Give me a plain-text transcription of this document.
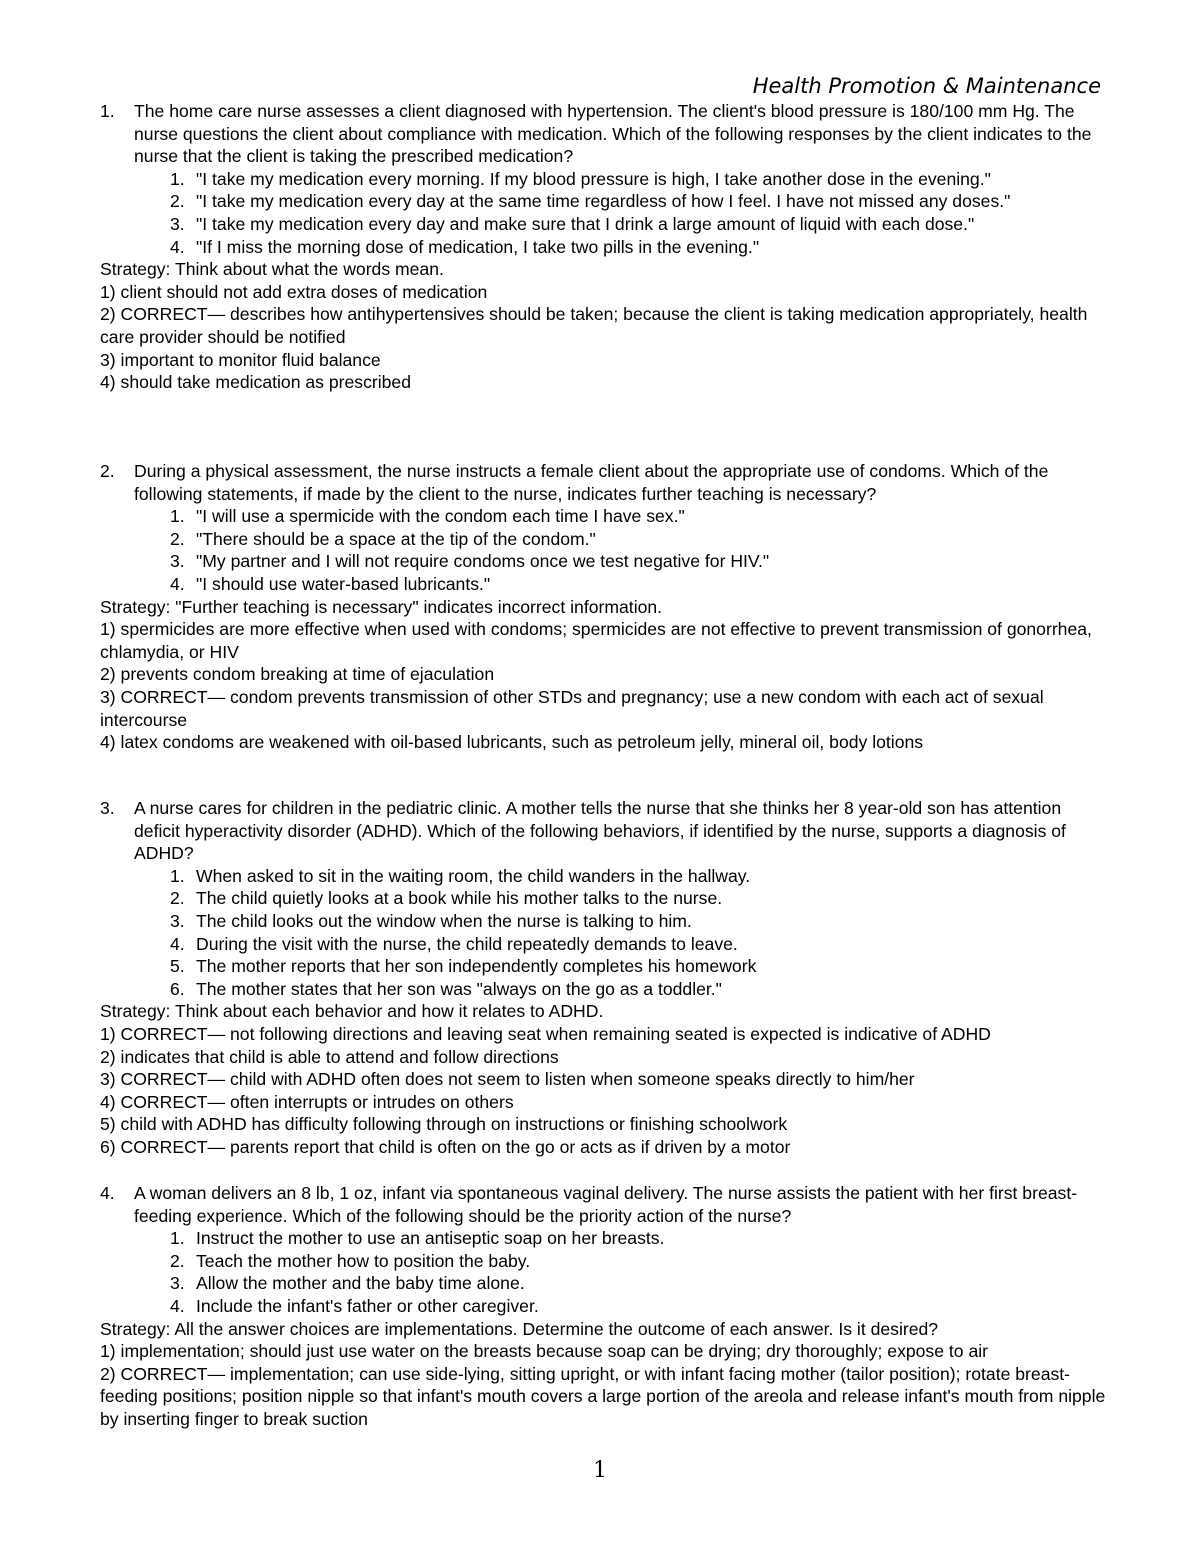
Health Promotion & Maintenance
1.	The home care nurse assesses a client diagnosed with hypertension. The client's blood pressure is 180/100 mm Hg. The nurse questions the client about compliance with medication. Which of the following responses by the client indicates to the nurse that the client is taking the prescribed medication?
1. "I take my medication every morning. If my blood pressure is high, I take another dose in the evening."
2. "I take my medication every day at the same time regardless of how I feel. I have not missed any doses."
3. "I take my medication every day and make sure that I drink a large amount of liquid with each dose."
4. "If I miss the morning dose of medication, I take two pills in the evening."
Strategy: Think about what the words mean.
1) client should not add extra doses of medication
2) CORRECT— describes how antihypertensives should be taken; because the client is taking medication appropriately, health care provider should be notified
3) important to monitor fluid balance
4) should take medication as prescribed
2.	During a physical assessment, the nurse instructs a female client about the appropriate use of condoms. Which of the following statements, if made by the client to the nurse, indicates further teaching is necessary?
1. "I will use a spermicide with the condom each time I have sex."
2. "There should be a space at the tip of the condom."
3. "My partner and I will not require condoms once we test negative for HIV."
4. "I should use water-based lubricants."
Strategy: "Further teaching is necessary" indicates incorrect information.
1) spermicides are more effective when used with condoms; spermicides are not effective to prevent transmission of gonorrhea, chlamydia, or HIV
2) prevents condom breaking at time of ejaculation
3) CORRECT— condom prevents transmission of other STDs and pregnancy; use a new condom with each act of sexual intercourse
4) latex condoms are weakened with oil-based lubricants, such as petroleum jelly, mineral oil, body lotions
3.	A nurse cares for children in the pediatric clinic. A mother tells the nurse that she thinks her 8 year-old son has attention deficit hyperactivity disorder (ADHD). Which of the following behaviors, if identified by the nurse, supports a diagnosis of ADHD?
1. When asked to sit in the waiting room, the child wanders in the hallway.
2. The child quietly looks at a book while his mother talks to the nurse.
3. The child looks out the window when the nurse is talking to him.
4. During the visit with the nurse, the child repeatedly demands to leave.
5. The mother reports that her son independently completes his homework
6. The mother states that her son was "always on the go as a toddler."
Strategy: Think about each behavior and how it relates to ADHD.
1) CORRECT— not following directions and leaving seat when remaining seated is expected is indicative of ADHD
2) indicates that child is able to attend and follow directions
3) CORRECT— child with ADHD often does not seem to listen when someone speaks directly to him/her
4) CORRECT— often interrupts or intrudes on others
5) child with ADHD has difficulty following through on instructions or finishing schoolwork
6) CORRECT— parents report that child is often on the go or acts as if driven by a motor
4.	A woman delivers an 8 lb, 1 oz, infant via spontaneous vaginal delivery. The nurse assists the patient with her first breast-feeding experience. Which of the following should be the priority action of the nurse?
1. Instruct the mother to use an antiseptic soap on her breasts.
2. Teach the mother how to position the baby.
3. Allow the mother and the baby time alone.
4. Include the infant's father or other caregiver.
Strategy: All the answer choices are implementations. Determine the outcome of each answer. Is it desired?
1) implementation; should just use water on the breasts because soap can be drying; dry thoroughly; expose to air
2) CORRECT— implementation; can use side-lying, sitting upright, or with infant facing mother (tailor position); rotate breast-feeding positions; position nipple so that infant's mouth covers a large portion of the areola and release infant's mouth from nipple by inserting finger to break suction
1
